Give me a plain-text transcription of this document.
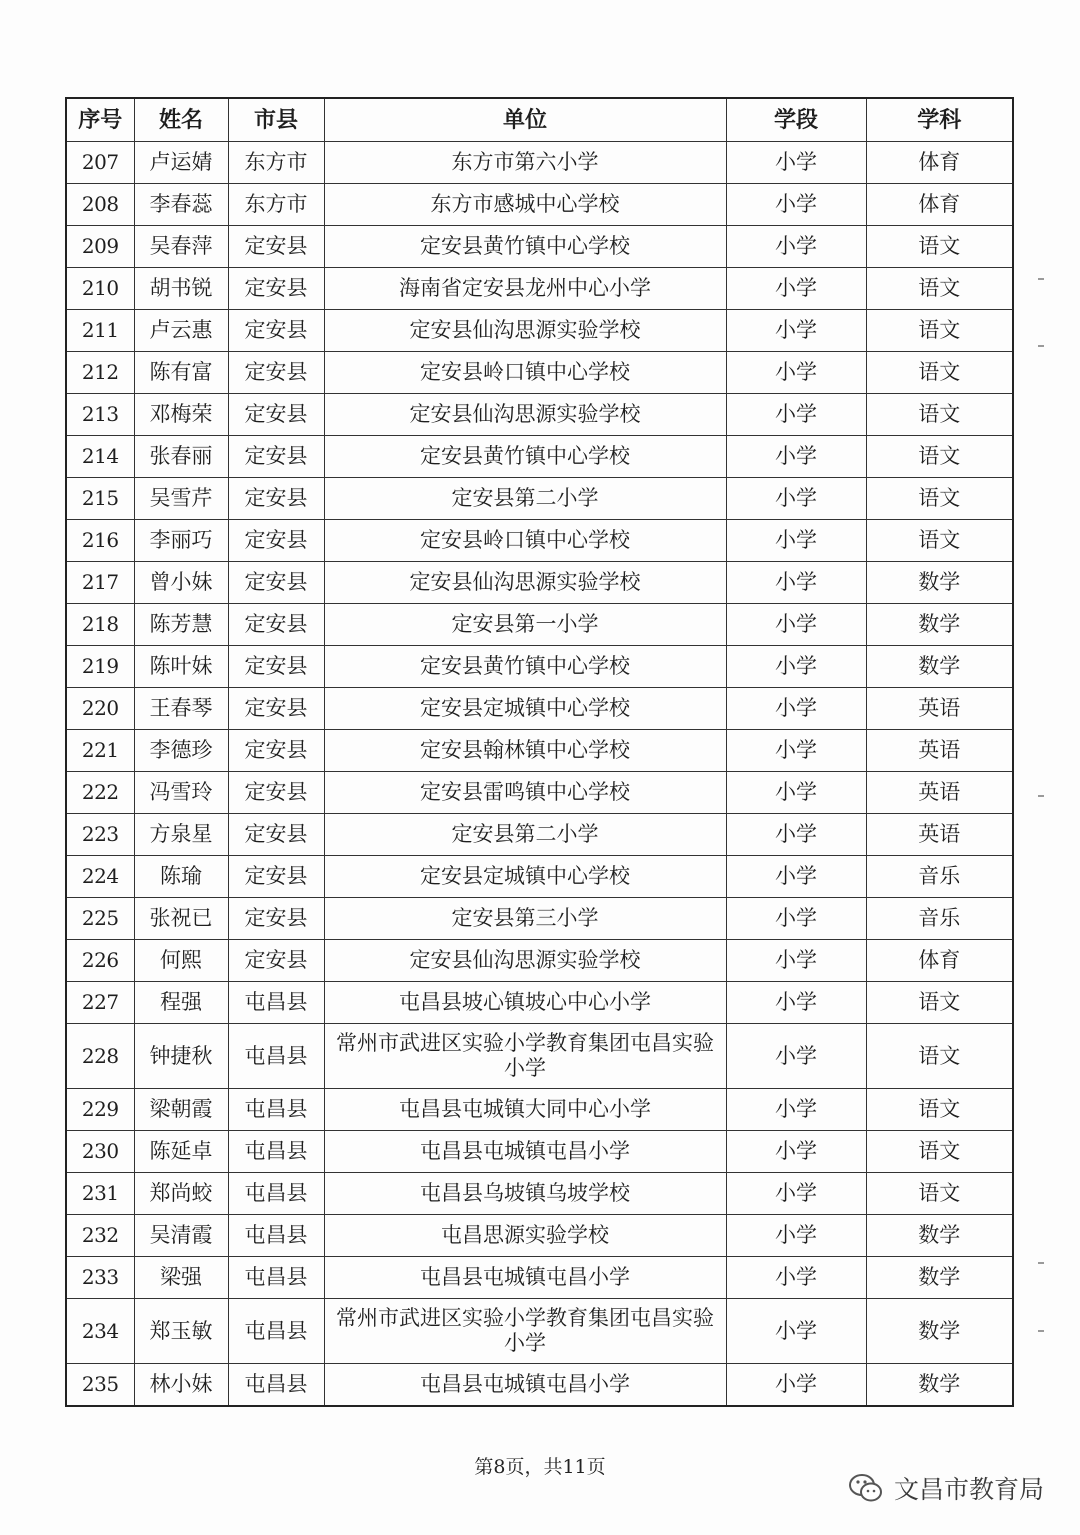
序号	姓名	市县	单位	学段	学科
207	卢运婧	东方市	东方市第六小学	小学	体育
208	李春蕊	东方市	东方市感城中心学校	小学	体育
209	吴春萍	定安县	定安县黄竹镇中心学校	小学	语文
210	胡书锐	定安县	海南省定安县龙州中心小学	小学	语文
211	卢云惠	定安县	定安县仙沟思源实验学校	小学	语文
212	陈有富	定安县	定安县岭口镇中心学校	小学	语文
213	邓梅荣	定安县	定安县仙沟思源实验学校	小学	语文
214	张春丽	定安县	定安县黄竹镇中心学校	小学	语文
215	吴雪芹	定安县	定安县第二小学	小学	语文
216	李丽巧	定安县	定安县岭口镇中心学校	小学	语文
217	曾小妹	定安县	定安县仙沟思源实验学校	小学	数学
218	陈芳慧	定安县	定安县第一小学	小学	数学
219	陈叶妹	定安县	定安县黄竹镇中心学校	小学	数学
220	王春琴	定安县	定安县定城镇中心学校	小学	英语
221	李德珍	定安县	定安县翰林镇中心学校	小学	英语
222	冯雪玲	定安县	定安县雷鸣镇中心学校	小学	英语
223	方泉星	定安县	定安县第二小学	小学	英语
224	陈瑜	定安县	定安县定城镇中心学校	小学	音乐
225	张祝已	定安县	定安县第三小学	小学	音乐
226	何熙	定安县	定安县仙沟思源实验学校	小学	体育
227	程强	屯昌县	屯昌县坡心镇坡心中心小学	小学	语文
228	钟捷秋	屯昌县	常州市武进区实验小学教育集团屯昌实验小学	小学	语文
229	梁朝霞	屯昌县	屯昌县屯城镇大同中心小学	小学	语文
230	陈延卓	屯昌县	屯昌县屯城镇屯昌小学	小学	语文
231	郑尚蛟	屯昌县	屯昌县乌坡镇乌坡学校	小学	语文
232	吴清霞	屯昌县	屯昌思源实验学校	小学	数学
233	梁强	屯昌县	屯昌县屯城镇屯昌小学	小学	数学
234	郑玉敏	屯昌县	常州市武进区实验小学教育集团屯昌实验小学	小学	数学
235	林小妹	屯昌县	屯昌县屯城镇屯昌小学	小学	数学
第8页，共11页
文昌市教育局
